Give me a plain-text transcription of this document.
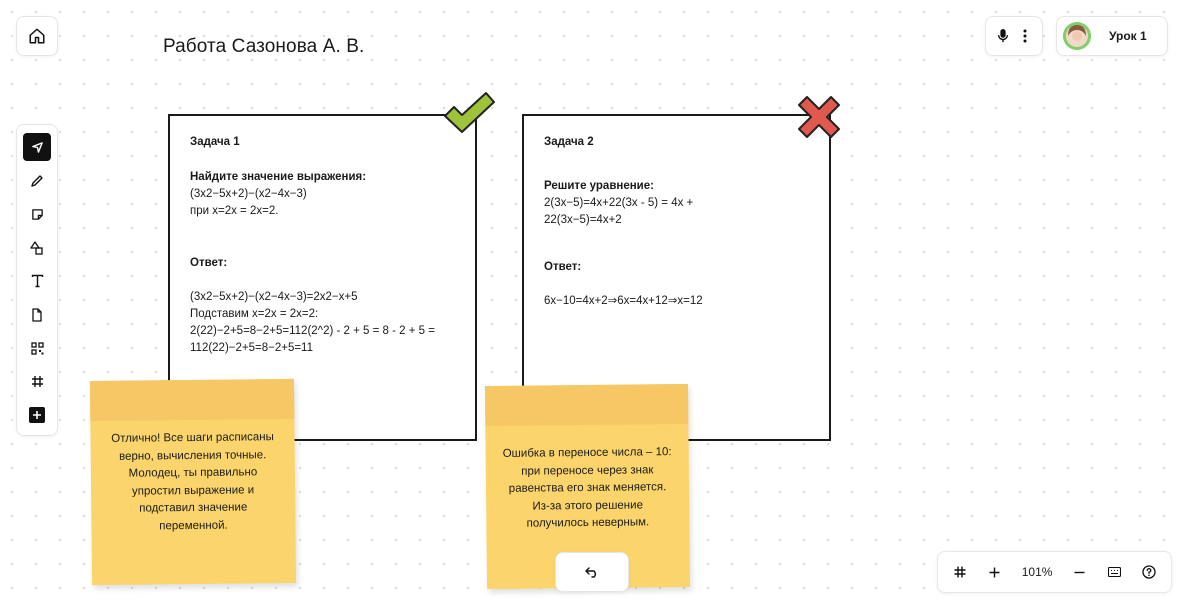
Работа Сазонова А. В.	Урок 1
Задача 1
Найдите значение выражения:
(3x2−5x+2)−(x2−4x−3)
при x=2x = 2x=2.
Ответ:
(3x2−5x+2)−(x2−4x−3)=2x2−x+5
Подставим x=2x = 2x=2:
2(22)−2+5=8−2+5=112(2^2) - 2 + 5 = 8 - 2 + 5 =
112(22)−2+5=8−2+5=11
Задача 2
Решите уравнение:
2(3x−5)=4x+22(3x - 5) = 4x +
22(3x−5)=4x+2
Ответ:
6x−10=4x+2⇒6x=4x+12⇒x=12
Отлично! Все шаги расписаны
верно, вычисления точные.
Молодец, ты правильно
упростил выражение и
подставил значение
переменной.
Ошибка в переносе числа – 10:
при переносе через знак
равенства его знак меняется.
Из-за этого решение
получилось неверным.
101%
